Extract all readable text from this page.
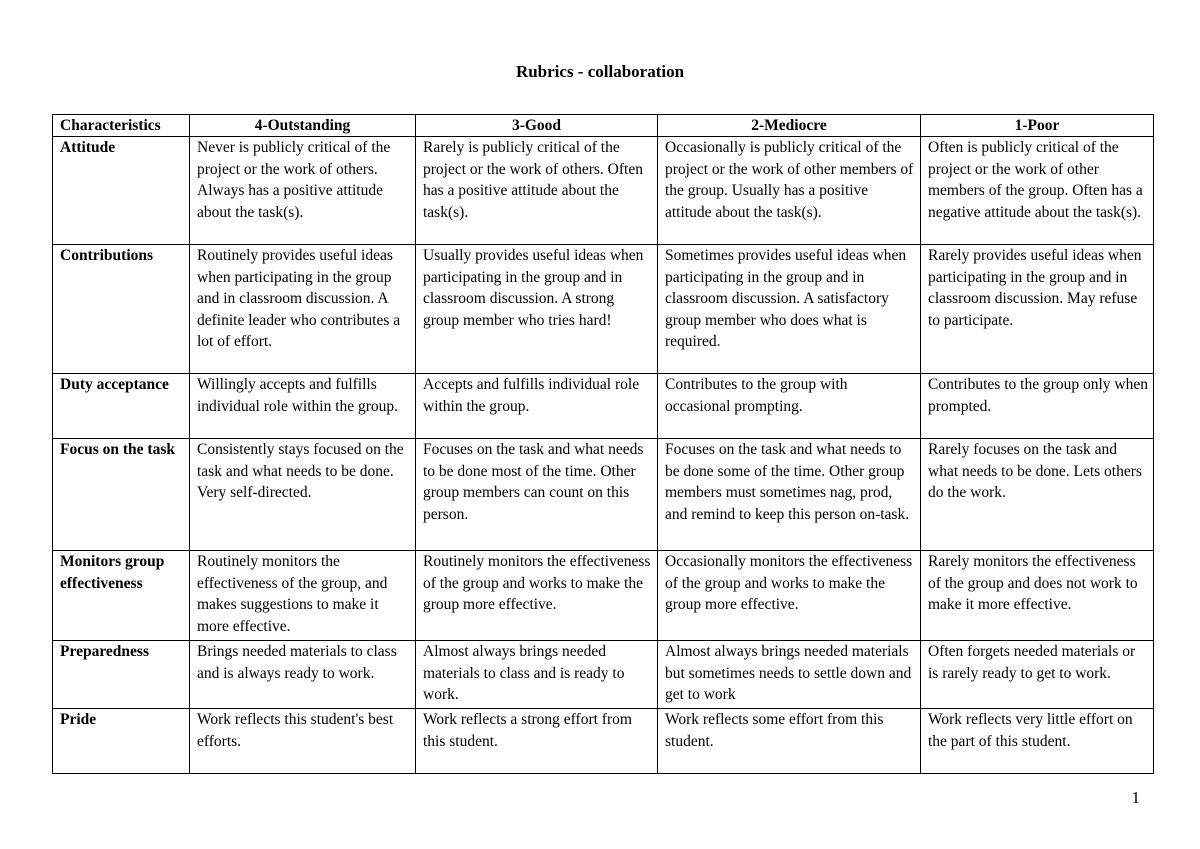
Rubrics - collaboration
Characteristics	4-Outstanding	3-Good	2-Mediocre	1-Poor
Attitude	Never is publicly critical of the project or the work of others. Always has a positive attitude about the task(s).	Rarely is publicly critical of the project or the work of others. Often has a positive attitude about the task(s).	Occasionally is publicly critical of the project or the work of other members of the group. Usually has a positive attitude about the task(s).	Often is publicly critical of the project or the work of other members of the group. Often has a negative attitude about the task(s).
Contributions	Routinely provides useful ideas when participating in the group and in classroom discussion. A definite leader who contributes a lot of effort.	Usually provides useful ideas when participating in the group and in classroom discussion. A strong group member who tries hard!	Sometimes provides useful ideas when participating in the group and in classroom discussion. A satisfactory group member who does what is required.	Rarely provides useful ideas when participating in the group and in classroom discussion. May refuse to participate.
Duty acceptance	Willingly accepts and fulfills individual role within the group.	Accepts and fulfills individual role within the group.	Contributes to the group with occasional prompting.	Contributes to the group only when prompted.
Focus on the task	Consistently stays focused on the task and what needs to be done. Very self-directed.	Focuses on the task and what needs to be done most of the time. Other group members can count on this person.	Focuses on the task and what needs to be done some of the time. Other group members must sometimes nag, prod, and remind to keep this person on-task.	Rarely focuses on the task and what needs to be done. Lets others do the work.
Monitors group effectiveness	Routinely monitors the effectiveness of the group, and makes suggestions to make it more effective.	Routinely monitors the effectiveness of the group and works to make the group more effective.	Occasionally monitors the effectiveness of the group and works to make the group more effective.	Rarely monitors the effectiveness of the group and does not work to make it more effective.
Preparedness	Brings needed materials to class and is always ready to work.	Almost always brings needed materials to class and is ready to work.	Almost always brings needed materials but sometimes needs to settle down and get to work	Often forgets needed materials or is rarely ready to get to work.
Pride	Work reflects this student's best efforts.	Work reflects a strong effort from this student.	Work reflects some effort from this student.	Work reflects very little effort on the part of this student.
1
